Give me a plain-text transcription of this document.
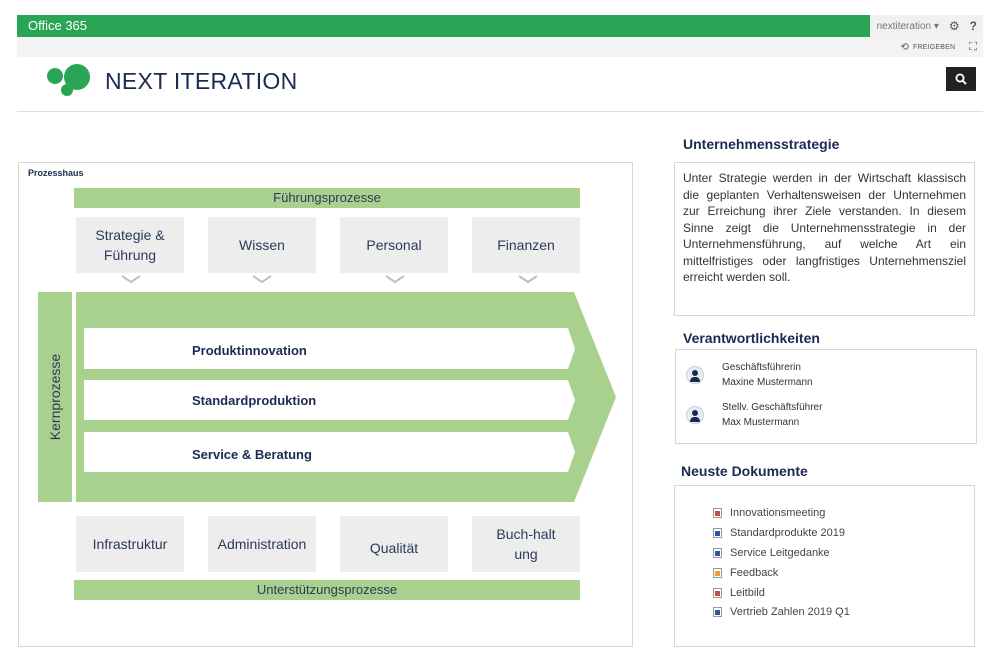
Office 365	nextiteration ▾ ⚙ ?
⟲ FREIGEBEN ⛶
NEXT ITERATION
Prozesshaus
Führungsprozesse
Strategie & Führung
Wissen	Personal	Finanzen
Kernprozesse
Produktinnovation
Standardproduktion
Service & Beratung
Infrastruktur	Administration	Qualität
Buch-haltung
Unterstützungsprozesse
Unternehmensstrategie
Unter Strategie werden in der Wirtschaft klassisch die geplanten Verhaltensweisen der Unternehmen zur Erreichung ihrer Ziele verstanden. In diesem Sinne zeigt die Unternehmensstrategie in der Unternehmensführung, auf welche Art ein mittelfristiges oder langfristiges Unternehmensziel erreicht werden soll.
Verantwortlichkeiten
Geschäftsführerin
Maxine Mustermann
Stellv. Geschäftsführer
Max Mustermann
Neuste Dokumente
Innovationsmeeting
Standardprodukte 2019
Service Leitgedanke
Feedback
Leitbild
Vertrieb Zahlen 2019 Q1
